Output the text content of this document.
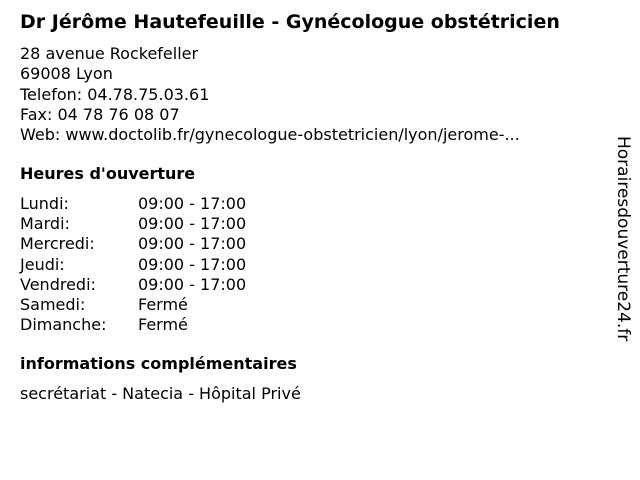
Dr Jérôme Hautefeuille - Gynécologue obstétricien
28 avenue Rockefeller
69008 Lyon
Telefon: 04.78.75.03.61
Fax: 04 78 76 08 07
Web: www.doctolib.fr/gynecologue-obstetricien/lyon/jerome-...
Heures d'ouverture
Lundi:	09:00 - 17:00
Mardi:	09:00 - 17:00
Mercredi:	09:00 - 17:00
Jeudi:	09:00 - 17:00
Vendredi:	09:00 - 17:00
Samedi:	Fermé
Dimanche:	Fermé
informations complémentaires
secrétariat - Natecia - Hôpital Privé
Horairesdouverture24.fr
